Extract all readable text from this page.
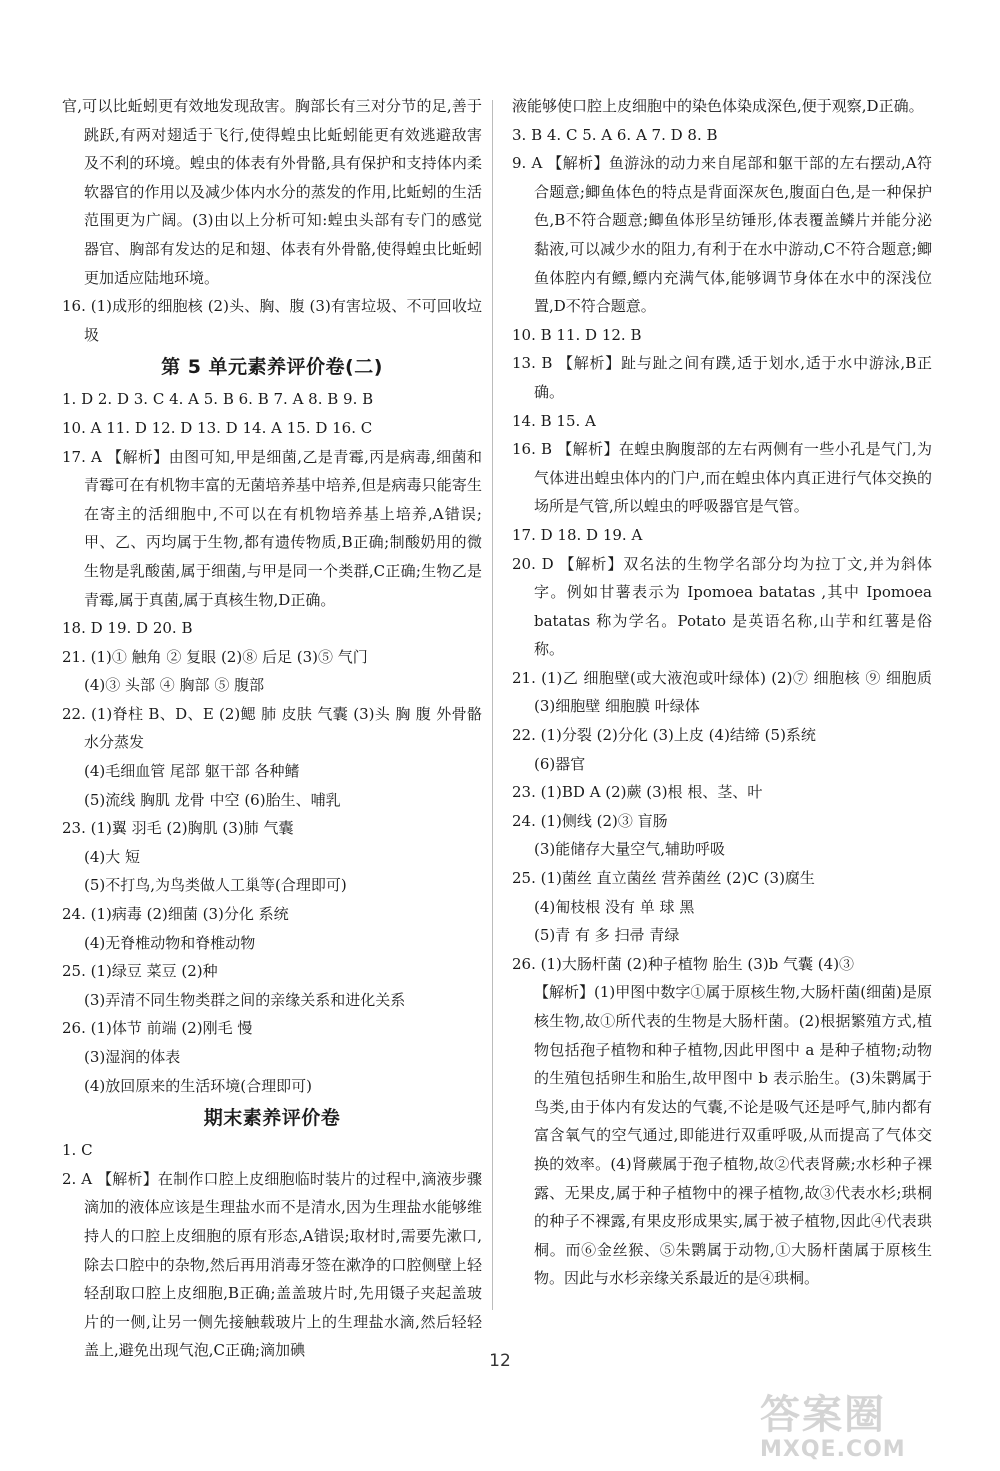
官,可以比蚯蚓更有效地发现敌害。胸部长有三对分节的足,善于跳跃,有两对翅适于飞行,使得蝗虫比蚯蚓能更有效逃避敌害及不利的环境。蝗虫的体表有外骨骼,具有保护和支持体内柔软器官的作用以及减少体内水分的蒸发的作用,比蚯蚓的生活范围更为广阔。(3)由以上分析可知:蝗虫头部有专门的感觉器官、胸部有发达的足和翅、体表有外骨骼,使得蝗虫比蚯蚓更加适应陆地环境。

16. (1)成形的细胞核 (2)头、胸、腹 (3)有害垃圾、不可回收垃圾

第 5 单元素养评价卷(二)

1. D 2. D 3. C 4. A 5. B 6. B 7. A 8. B 9. B

10. A 11. D 12. D 13. D 14. A 15. D 16. C

17. A 【解析】由图可知,甲是细菌,乙是青霉,丙是病毒,细菌和青霉可在有机物丰富的无菌培养基中培养,但是病毒只能寄生在寄主的活细胞中,不可以在有机物培养基上培养,A错误;甲、乙、丙均属于生物,都有遗传物质,B正确;制酸奶用的微生物是乳酸菌,属于细菌,与甲是同一个类群,C正确;生物乙是青霉,属于真菌,属于真核生物,D正确。

18. D 19. D 20. B

21. (1)① 触角 ② 复眼 (2)⑧ 后足 (3)⑤ 气门

(4)③ 头部 ④ 胸部 ⑤ 腹部

22. (1)脊柱 B、D、E (2)鳃 肺 皮肤 气囊 (3)头 胸 腹 外骨骼 水分蒸发

(4)毛细血管 尾部 躯干部 各种鳍

(5)流线 胸肌 龙骨 中空 (6)胎生、哺乳

23. (1)翼 羽毛 (2)胸肌 (3)肺 气囊

(4)大 短

(5)不打鸟,为鸟类做人工巢等(合理即可)

24. (1)病毒 (2)细菌 (3)分化 系统

(4)无脊椎动物和脊椎动物

25. (1)绿豆 菜豆 (2)种

(3)弄清不同生物类群之间的亲缘关系和进化关系

26. (1)体节 前端 (2)刚毛 慢

(3)湿润的体表

(4)放回原来的生活环境(合理即可)

期末素养评价卷

1. C

2. A 【解析】在制作口腔上皮细胞临时装片的过程中,滴液步骤滴加的液体应该是生理盐水而不是清水,因为生理盐水能够维持人的口腔上皮细胞的原有形态,A错误;取材时,需要先漱口,除去口腔中的杂物,然后再用消毒牙签在漱净的口腔侧壁上轻轻刮取口腔上皮细胞,B正确;盖盖玻片时,先用镊子夹起盖玻片的一侧,让另一侧先接触载玻片上的生理盐水滴,然后轻轻盖上,避免出现气泡,C正确;滴加碘

液能够使口腔上皮细胞中的染色体染成深色,便于观察,D正确。

3. B 4. C 5. A 6. A 7. D 8. B

9. A 【解析】鱼游泳的动力来自尾部和躯干部的左右摆动,A符合题意;鲫鱼体色的特点是背面深灰色,腹面白色,是一种保护色,B不符合题意;鲫鱼体形呈纺锤形,体表覆盖鳞片并能分泌黏液,可以减少水的阻力,有利于在水中游动,C不符合题意;鲫鱼体腔内有鳔,鳔内充满气体,能够调节身体在水中的深浅位置,D不符合题意。

10. B 11. D 12. B

13. B 【解析】趾与趾之间有蹼,适于划水,适于水中游泳,B正确。

14. B 15. A

16. B 【解析】在蝗虫胸腹部的左右两侧有一些小孔是气门,为气体进出蝗虫体内的门户,而在蝗虫体内真正进行气体交换的场所是气管,所以蝗虫的呼吸器官是气管。

17. D 18. D 19. A

20. D 【解析】双名法的生物学名部分均为拉丁文,并为斜体字。例如甘薯表示为 Ipomoea batatas ,其中 Ipomoea batatas 称为学名。Potato 是英语名称,山芋和红薯是俗称。

21. (1)乙 细胞壁(或大液泡或叶绿体) (2)⑦ 细胞核 ⑨ 细胞质 (3)细胞壁 细胞膜 叶绿体

22. (1)分裂 (2)分化 (3)上皮 (4)结缔 (5)系统

(6)器官

23. (1)BD A (2)蕨 (3)根 根、茎、叶

24. (1)侧线 (2)③ 盲肠

(3)能储存大量空气,辅助呼吸

25. (1)菌丝 直立菌丝 营养菌丝 (2)C (3)腐生

(4)匍枝根 没有 单 球 黑

(5)青 有 多 扫帚 青绿

26. (1)大肠杆菌 (2)种子植物 胎生 (3)b 气囊 (4)③

【解析】(1)甲图中数字①属于原核生物,大肠杆菌(细菌)是原核生物,故①所代表的生物是大肠杆菌。(2)根据繁殖方式,植物包括孢子植物和种子植物,因此甲图中 a 是种子植物;动物的生殖包括卵生和胎生,故甲图中 b 表示胎生。(3)朱鹮属于鸟类,由于体内有发达的气囊,不论是吸气还是呼气,肺内都有富含氧气的空气通过,即能进行双重呼吸,从而提高了气体交换的效率。(4)肾蕨属于孢子植物,故②代表肾蕨;水杉种子裸露、无果皮,属于种子植物中的裸子植物,故③代表水杉;珙桐的种子不裸露,有果皮形成果实,属于被子植物,因此④代表珙桐。而⑥金丝猴、⑤朱鹮属于动物,①大肠杆菌属于原核生物。因此与水杉亲缘关系最近的是④珙桐。

12
答案圈
MXQE.COM
